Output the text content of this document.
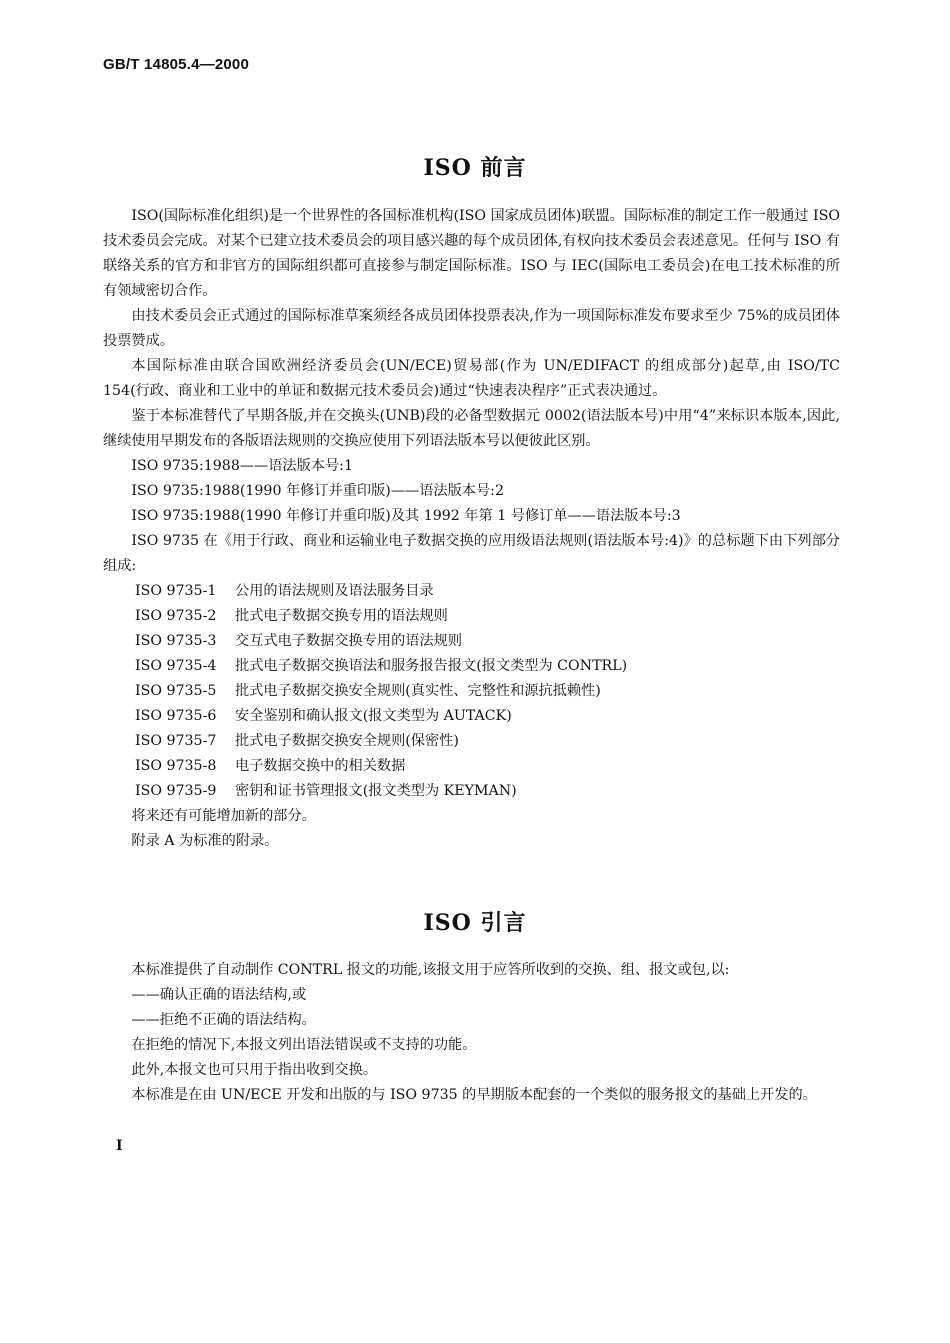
GB/T 14805.4—2000
ISO 前言

ISO(国际标准化组织)是一个世界性的各国标准机构(ISO 国家成员团体)联盟。国际标准的制定工作一般通过 ISO 技术委员会完成。对某个已建立技术委员会的项目感兴趣的每个成员团体,有权向技术委员会表述意见。任何与 ISO 有联络关系的官方和非官方的国际组织都可直接参与制定国际标准。ISO 与 IEC(国际电工委员会)在电工技术标准的所有领域密切合作。

由技术委员会正式通过的国际标准草案须经各成员团体投票表决,作为一项国际标准发布要求至少 75%的成员团体投票赞成。

本国际标准由联合国欧洲经济委员会(UN/ECE)贸易部(作为 UN/EDIFACT 的组成部分)起草,由 ISO/TC 154(行政、商业和工业中的单证和数据元技术委员会)通过“快速表决程序”正式表决通过。

鉴于本标准替代了早期各版,并在交换头(UNB)段的必备型数据元 0002(语法版本号)中用“4”来标识本版本,因此,继续使用早期发布的各版语法规则的交换应使用下列语法版本号以便彼此区别。

ISO 9735:1988——语法版本号:1

ISO 9735:1988(1990 年修订并重印版)——语法版本号:2

ISO 9735:1988(1990 年修订并重印版)及其 1992 年第 1 号修订单——语法版本号:3

ISO 9735 在《用于行政、商业和运输业电子数据交换的应用级语法规则(语法版本号:4)》的总标题下由下列部分组成:

ISO 9735-1	公用的语法规则及语法服务目录
ISO 9735-2	批式电子数据交换专用的语法规则
ISO 9735-3	交互式电子数据交换专用的语法规则
ISO 9735-4	批式电子数据交换语法和服务报告报文(报文类型为 CONTRL)
ISO 9735-5	批式电子数据交换安全规则(真实性、完整性和源抗抵赖性)
ISO 9735-6	安全鉴别和确认报文(报文类型为 AUTACK)
ISO 9735-7	批式电子数据交换安全规则(保密性)
ISO 9735-8	电子数据交换中的相关数据
ISO 9735-9	密钥和证书管理报文(报文类型为 KEYMAN)

将来还有可能增加新的部分。

附录 A 为标准的附录。

ISO 引言

本标准提供了自动制作 CONTRL 报文的功能,该报文用于应答所收到的交换、组、报文或包,以:

——确认正确的语法结构,或

——拒绝不正确的语法结构。

在拒绝的情况下,本报文列出语法错误或不支持的功能。

此外,本报文也可只用于指出收到交换。

本标准是在由 UN/ECE 开发和出版的与 ISO 9735 的早期版本配套的一个类似的服务报文的基础上开发的。

I
